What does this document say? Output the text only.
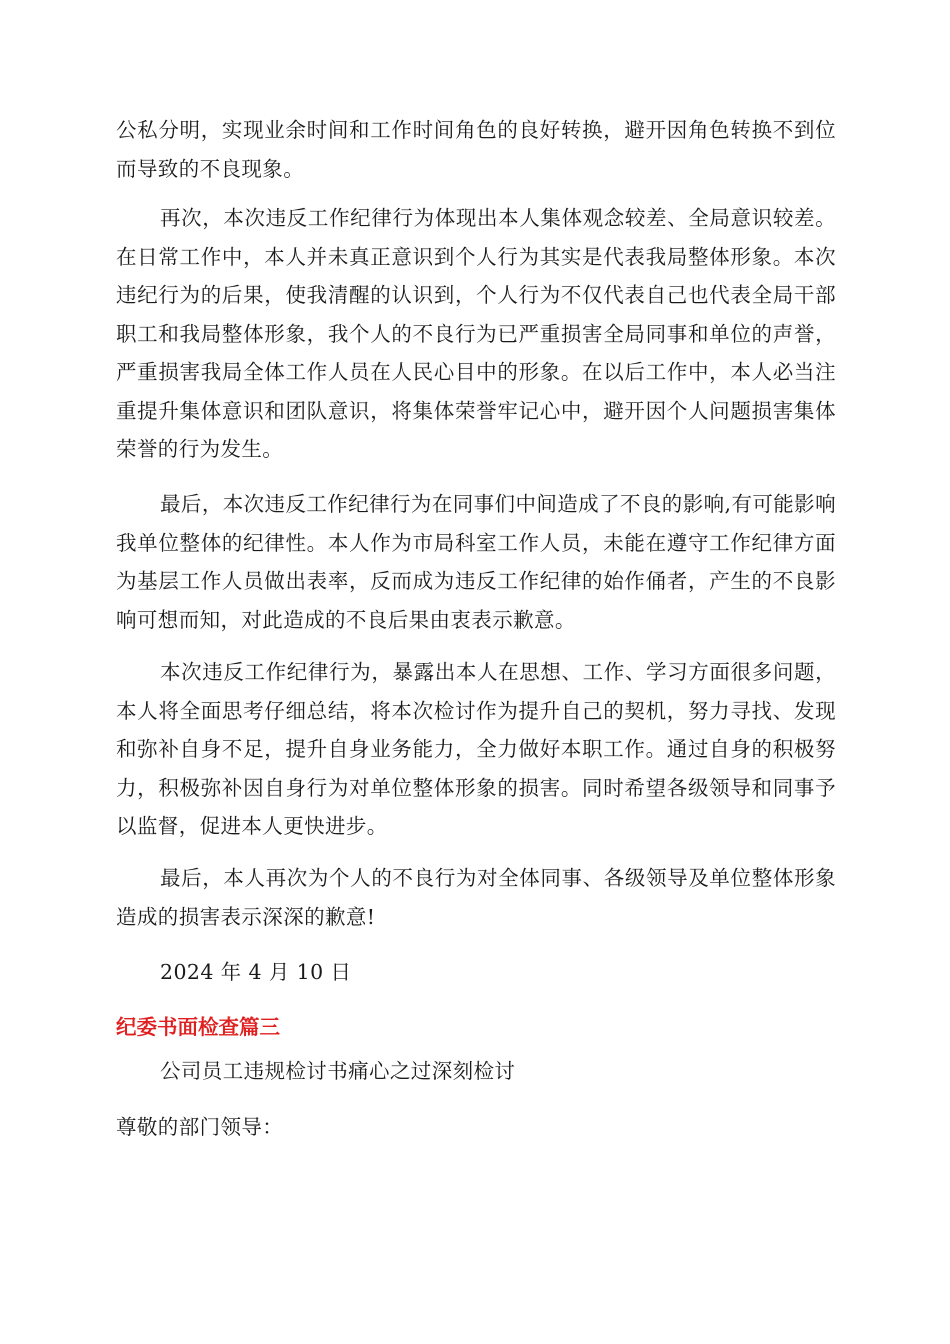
公私分明，实现业余时间和工作时间角色的良好转换，避开因角色转换不到位而导致的不良现象。

再次，本次违反工作纪律行为体现出本人集体观念较差、全局意识较差。在日常工作中，本人并未真正意识到个人行为其实是代表我局整体形象。本次违纪行为的后果，使我清醒的认识到，个人行为不仅代表自己也代表全局干部职工和我局整体形象，我个人的不良行为已严重损害全局同事和单位的声誉，严重损害我局全体工作人员在人民心目中的形象。在以后工作中，本人必当注重提升集体意识和团队意识，将集体荣誉牢记心中，避开因个人问题损害集体荣誉的行为发生。

最后，本次违反工作纪律行为在同事们中间造成了不良的影响,有可能影响我单位整体的纪律性。本人作为市局科室工作人员，未能在遵守工作纪律方面为基层工作人员做出表率，反而成为违反工作纪律的始作俑者，产生的不良影响可想而知，对此造成的不良后果由衷表示歉意。

本次违反工作纪律行为，暴露出本人在思想、工作、学习方面很多问题，本人将全面思考仔细总结，将本次检讨作为提升自己的契机，努力寻找、发现和弥补自身不足，提升自身业务能力，全力做好本职工作。通过自身的积极努力，积极弥补因自身行为对单位整体形象的损害。同时希望各级领导和同事予以监督，促进本人更快进步。

最后，本人再次为个人的不良行为对全体同事、各级领导及单位整体形象造成的损害表示深深的歉意!

2024 年 4 月 10 日

纪委书面检查篇三

公司员工违规检讨书痛心之过深刻检讨

尊敬的部门领导：
